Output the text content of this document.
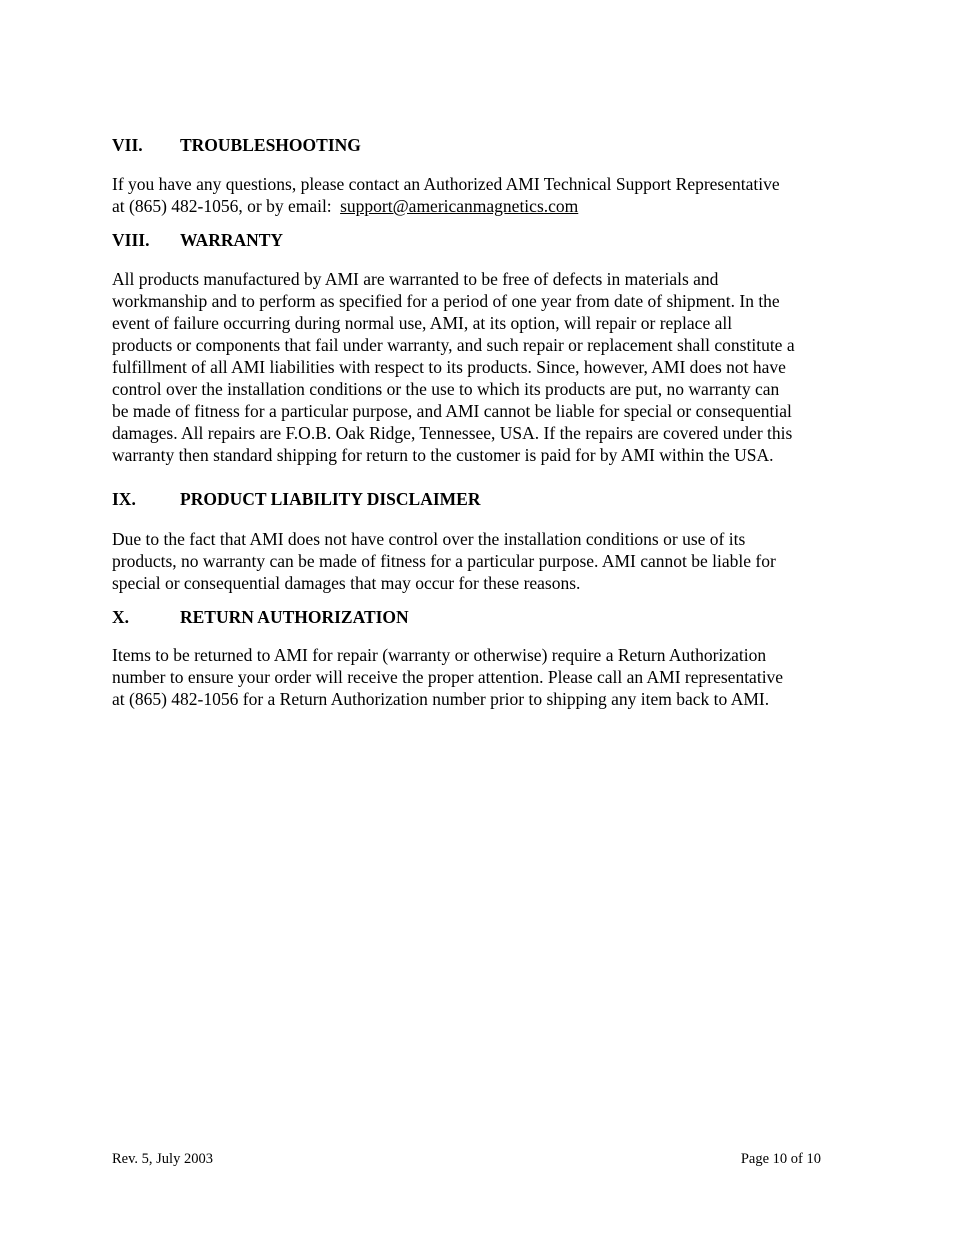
VII.	TROUBLESHOOTING
If you have any questions, please contact an Authorized AMI Technical Support Representative
at (865) 482-1056, or by email: support@americanmagnetics.com
VIII.	WARRANTY
All products manufactured by AMI are warranted to be free of defects in materials and
workmanship and to perform as specified for a period of one year from date of shipment. In the
event of failure occurring during normal use, AMI, at its option, will repair or replace all
products or components that fail under warranty, and such repair or replacement shall constitute a
fulfillment of all AMI liabilities with respect to its products. Since, however, AMI does not have
control over the installation conditions or the use to which its products are put, no warranty can
be made of fitness for a particular purpose, and AMI cannot be liable for special or consequential
damages. All repairs are F.O.B. Oak Ridge, Tennessee, USA. If the repairs are covered under this
warranty then standard shipping for return to the customer is paid for by AMI within the USA.
IX.	PRODUCT LIABILITY DISCLAIMER
Due to the fact that AMI does not have control over the installation conditions or use of its
products, no warranty can be made of fitness for a particular purpose. AMI cannot be liable for
special or consequential damages that may occur for these reasons.
X.	RETURN AUTHORIZATION
Items to be returned to AMI for repair (warranty or otherwise) require a Return Authorization
number to ensure your order will receive the proper attention. Please call an AMI representative
at (865) 482-1056 for a Return Authorization number prior to shipping any item back to AMI.
Rev. 5, July 2003	Page 10 of 10
